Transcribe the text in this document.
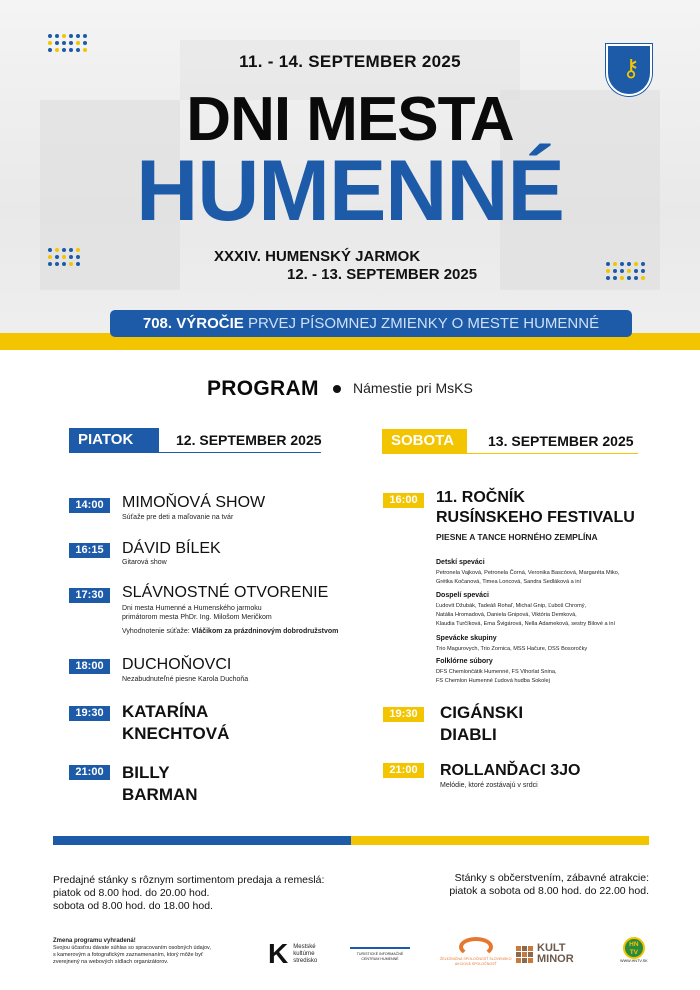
11. - 14. SEPTEMBER 2025
DNI MESTA
HUMENNÉ
XXXIV. HUMENSKÝ JARMOK
12. - 13. SEPTEMBER 2025
⚷
708. VÝROČIE PRVEJ PÍSOMNEJ ZMIENKY O MESTE HUMENNÉ
PROGRAM Námestie pri MsKS
PIATOK	12. SEPTEMBER 2025
14:00	MIMOŇOVÁ SHOW
Súťaže pre deti a maľovanie na tvár
16:15	DÁVID BÍLEK
Gitarová show
17:30	SLÁVNOSTNÉ OTVORENIE
Dni mesta Humenné a Humenského jarmoku
primátorom mesta PhDr. Ing. Milošom Meričkom
Vyhodnotenie súťaže: Vláčikom za prázdninovým dobrodružstvom
18:00	DUCHOŇOVCI
Nezabudnuteľné piesne Karola Duchoňa
19:30	KATARÍNA
KNECHTOVÁ
21:00	BILLY
BARMAN
SOBOTA	13. SEPTEMBER 2025
16:00	11. ROČNÍK
RUSÍNSKEHO FESTIVALU
PIESNE A TANCE HORNÉHO ZEMPLÍNA
Detskí speváci
Petronela Vajková, Petronela Čorná, Veronika Bascóová, Margaréta Miko,
Grétka Kočanová, Timea Loncová, Sandra Sedláková a iní
Dospelí speváci
Ľudovít Džubák, Tadeáš Rohaľ, Michal Gnip, Ľuboš Chromý,
Natália Hromadová, Daniela Gnipová, Viktória Demková,
Klaudia Turčíková, Ema Švigárová, Nella Adameková, sestry Bilové a iní
Spevácke skupiny
Trio Magurovych, Trio Zornica, MSS Hačure, DSS Bosoročky
Folklórne súbory
DFS Chemlončátik Humenné, FS Vihorlat Snina,
FS Chemlon Humenné Ľudová hudba Sokolej
19:30	CIGÁNSKI
DIABLI
21:00	ROLLANĎACI 3JO
Melódie, ktoré zostávajú v srdci
Predajné stánky s rôznym sortimentom predaja a remeslá:
piatok od 8.00 hod. do 20.00 hod.
sobota od 8.00 hod. do 18.00 hod.
Stánky s občerstvením, zábavné atrakcie:
piatok a sobota od 8.00 hod. do 22.00 hod.
Zmena programu vyhradená!
Svojou účasťou dávate súhlas so spracovaním osobných údajov,
s kamerovým a fotografickým zaznamenaním, ktorý môže byť
zverejnený na webových sídlach organizátorov.	K Mestské
kultúrne
stredisko
TURISTICKÉ INFORMAČNÉ CENTRUM HUMENNÉ	ŽELEZNIČNÁ SPOLOČNOSŤ SLOVENSKO
AKCIOVÁ SPOLOČNOSŤ
KULT
MINOR
HN TV
WWW.HNTV.SK
